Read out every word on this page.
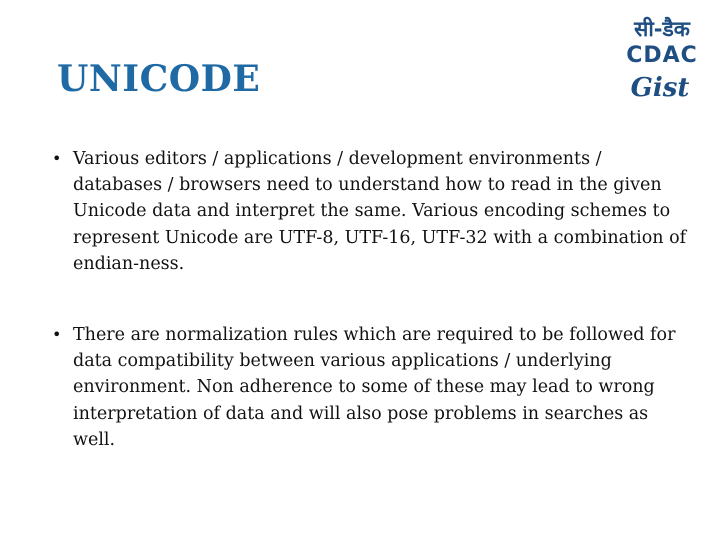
UNICODE
सी-डैक
CDAC
Gist
• Various editors / applications / development environments / databases / browsers need to understand how to read in the given Unicode data and interpret the same. Various encoding schemes to represent Unicode are UTF-8, UTF-16, UTF-32 with a combination of endian-ness.
• There are normalization rules which are required to be followed for data compatibility between various applications / underlying environment. Non adherence to some of these may lead to wrong interpretation of data and will also pose problems in searches as well.
